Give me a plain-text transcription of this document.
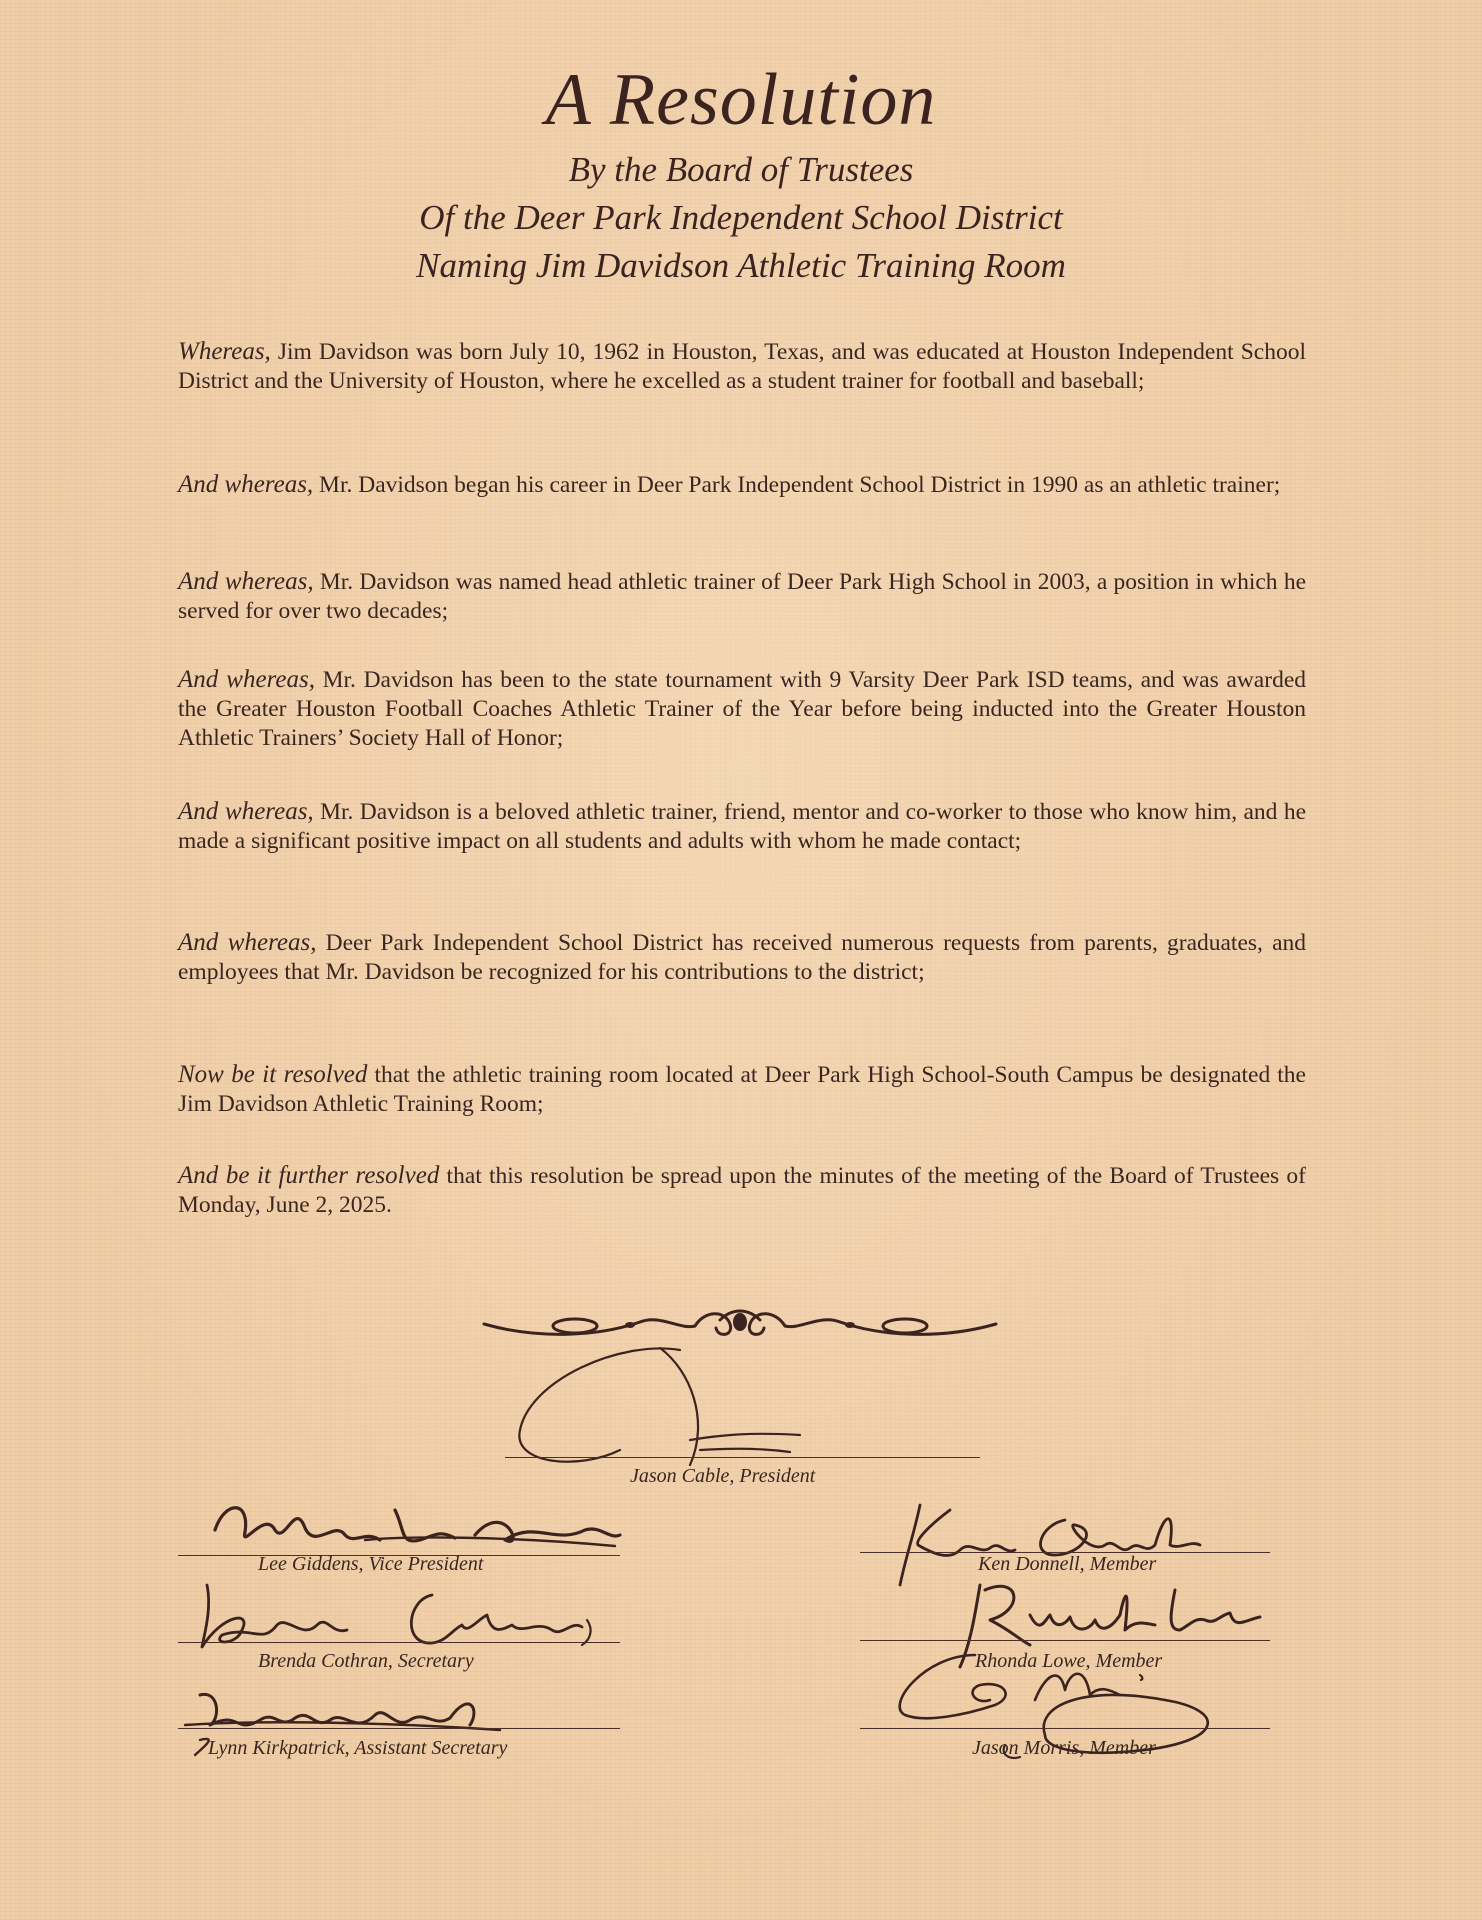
A Resolution
By the Board of Trustees
Of the Deer Park Independent School District
Naming Jim Davidson Athletic Training Room
Whereas, Jim Davidson was born July 10, 1962 in Houston, Texas, and was educated at Houston Independent School District and the University of Houston, where he excelled as a student trainer for football and baseball;
And whereas, Mr. Davidson began his career in Deer Park Independent School District in 1990 as an athletic trainer;
And whereas, Mr. Davidson was named head athletic trainer of Deer Park High School in 2003, a position in which he served for over two decades;
And whereas, Mr. Davidson has been to the state tournament with 9 Varsity Deer Park ISD teams, and was awarded the Greater Houston Football Coaches Athletic Trainer of the Year before being inducted into the Greater Houston Athletic Trainers’ Society Hall of Honor;
And whereas, Mr. Davidson is a beloved athletic trainer, friend, mentor and co-worker to those who know him, and he made a significant positive impact on all students and adults with whom he made contact;
And whereas, Deer Park Independent School District has received numerous requests from parents, graduates, and employees that Mr. Davidson be recognized for his contributions to the district;
Now be it resolved that the athletic training room located at Deer Park High School-South Campus be designated the Jim Davidson Athletic Training Room;
And be it further resolved that this resolution be spread upon the minutes of the meeting of the Board of Trustees of Monday, June 2, 2025.
Jason Cable, President
Lee Giddens, Vice President
Brenda Cothran, Secretary
Lynn Kirkpatrick, Assistant Secretary
Ken Donnell, Member
Rhonda Lowe, Member
Jason Morris, Member
